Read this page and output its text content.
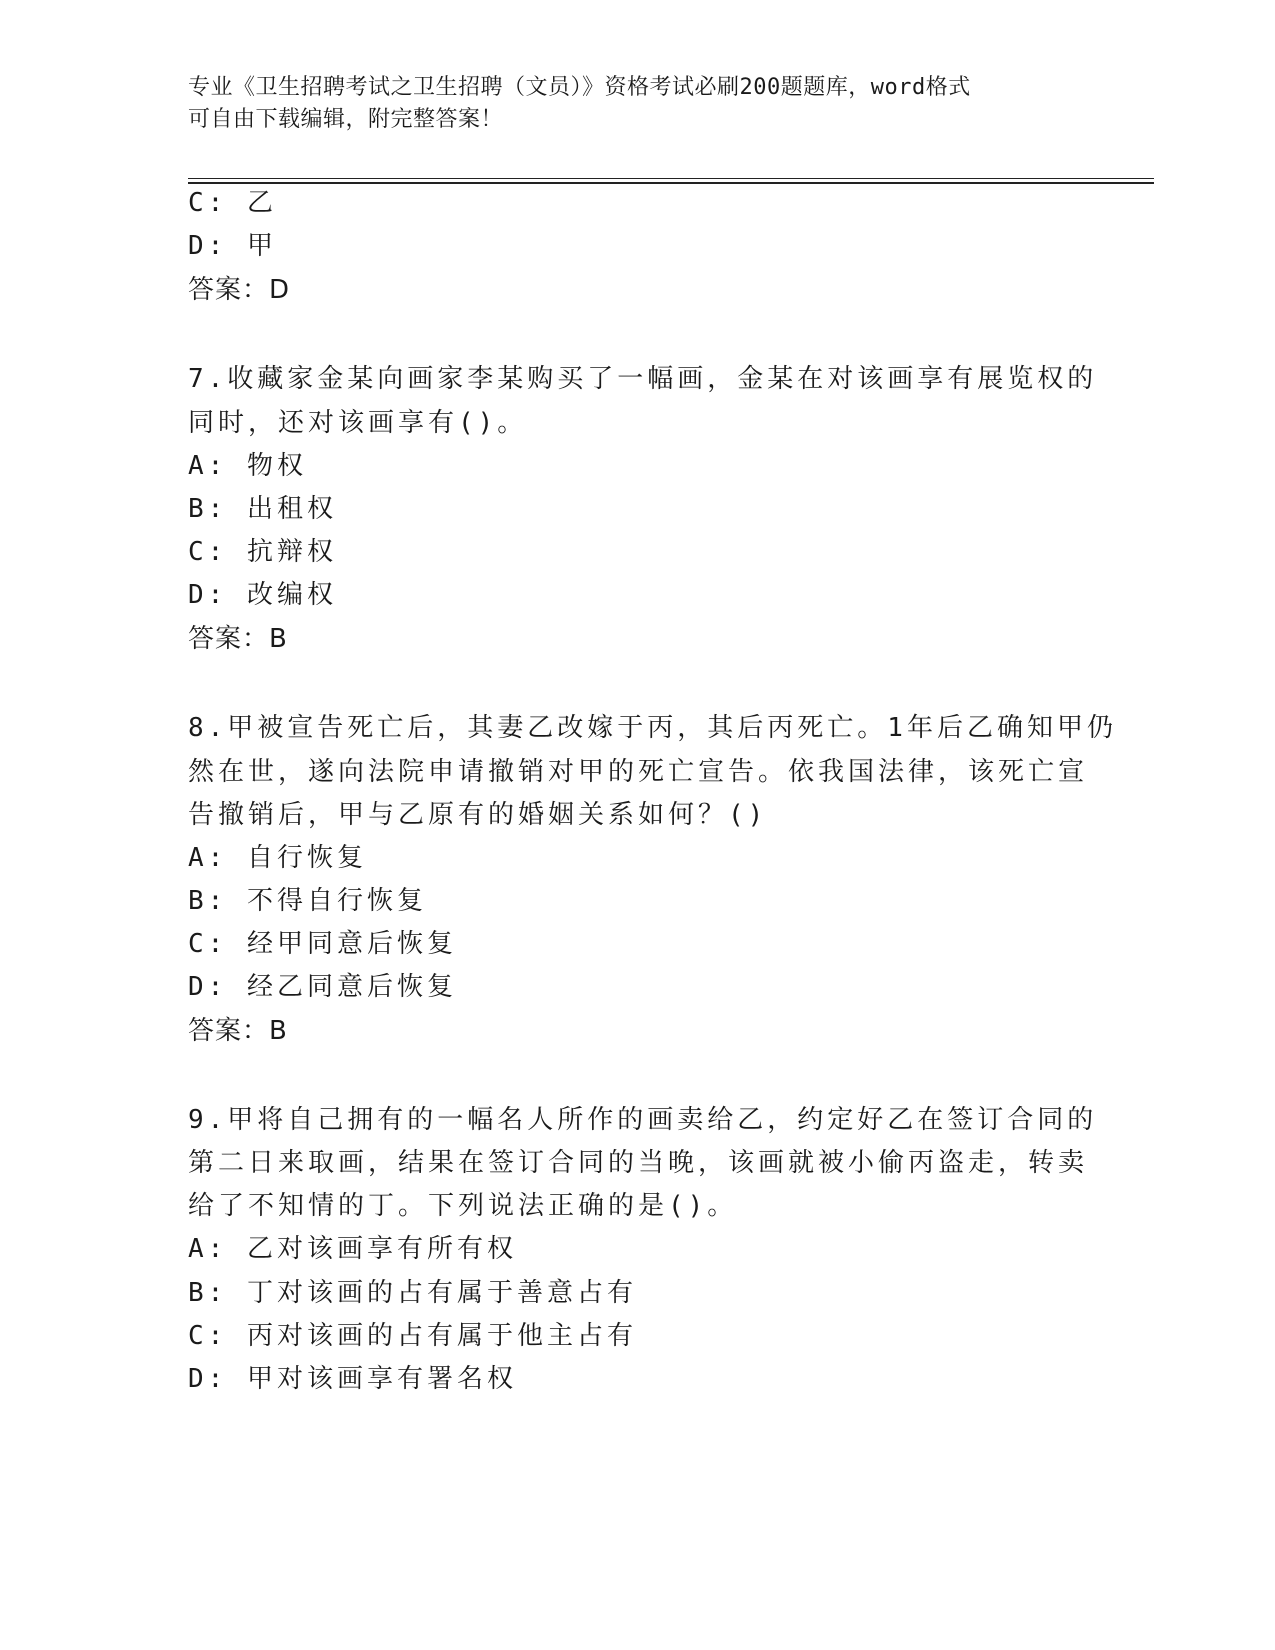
专业《卫生招聘考试之卫生招聘（文员）》资格考试必刷200题题库，word格式
可自由下载编辑，附完整答案！
C: 乙
D: 甲
答案：D
7.收藏家金某向画家李某购买了一幅画，金某在对该画享有展览权的
同时，还对该画享有()。
A: 物权
B: 出租权
C: 抗辩权
D: 改编权
答案：B
8.甲被宣告死亡后，其妻乙改嫁于丙，其后丙死亡。1年后乙确知甲仍
然在世，遂向法院申请撤销对甲的死亡宣告。依我国法律，该死亡宣
告撤销后，甲与乙原有的婚姻关系如何？()
A: 自行恢复
B: 不得自行恢复
C: 经甲同意后恢复
D: 经乙同意后恢复
答案：B
9.甲将自己拥有的一幅名人所作的画卖给乙，约定好乙在签订合同的
第二日来取画，结果在签订合同的当晚，该画就被小偷丙盗走，转卖
给了不知情的丁。下列说法正确的是()。
A: 乙对该画享有所有权
B: 丁对该画的占有属于善意占有
C: 丙对该画的占有属于他主占有
D: 甲对该画享有署名权
